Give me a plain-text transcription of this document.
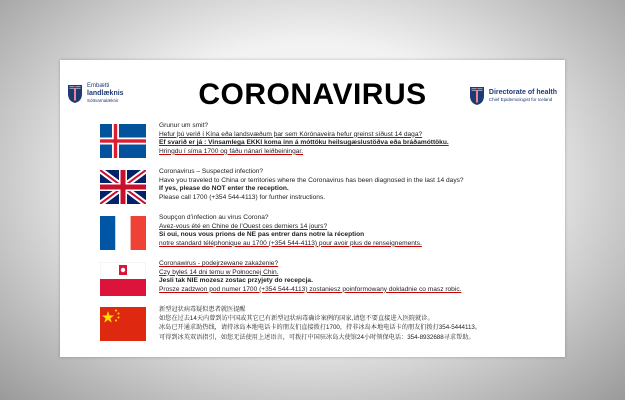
Embætti
landlæknis
Sóttvarnalæknir	CORONAVIRUS	Directorate of health
Chief Epidemiologist for Iceland
Grunur um smit?
Hefur þú verið í Kína eða landsvæðum þar sem Kórónaveira hefur greinst síðust 14 daga?
Ef svarið er já : Vinsamlega EKKI koma inn á móttöku heilsugæslustöðva eða bráðamóttöku.
Hringdu í síma 1700 og fáðu nánari leiðbeiningar.
Coronavirus – Suspected infection?
Have you traveled to China or territories where the Coronavirus has been diagnosed in the last 14 days?
If yes, please do NOT enter the reception.
Please call 1700 (+354 544-4113) for further instructions.
Soupçon d’infection au virus Corona?
Avez-vous été en Chine de l’Ouest ces derniers 14 jours?
Si oui, nous vous prions de NE pas entrer dans notre la réception
notre standard téléphonique au 1700 (+354 544-4113) pour avoir plus de renseignements.
Coronawirus - podejrzewane zakażenie?
Czy byłeś 14 dni temu w Połnocnej Chin.
Jesli tak NIE mozesz zostac przyjety do recepcja.
Prosze zadzwon pod numer 1700 (+354 544-4113) zostaniesz poinformowany dokladnie co masz robic.
新型冠状病毒疑似患者就医提醒
如您在过去14天内曾到访中国或其它已有新型冠状病毒确诊案例的国家,请您不要直接进入医院就诊。
冰岛已开通求助热线，请持冰岛本地电话卡的朋友们直接拨打1700，持非冰岛本地电话卡的朋友们拨打354-5444113。
可得到冰英双语指引，如您无法使用上述语言，可拨打中国驻冰岛大使馆24小时领保电话：354-8932688寻求帮助。
